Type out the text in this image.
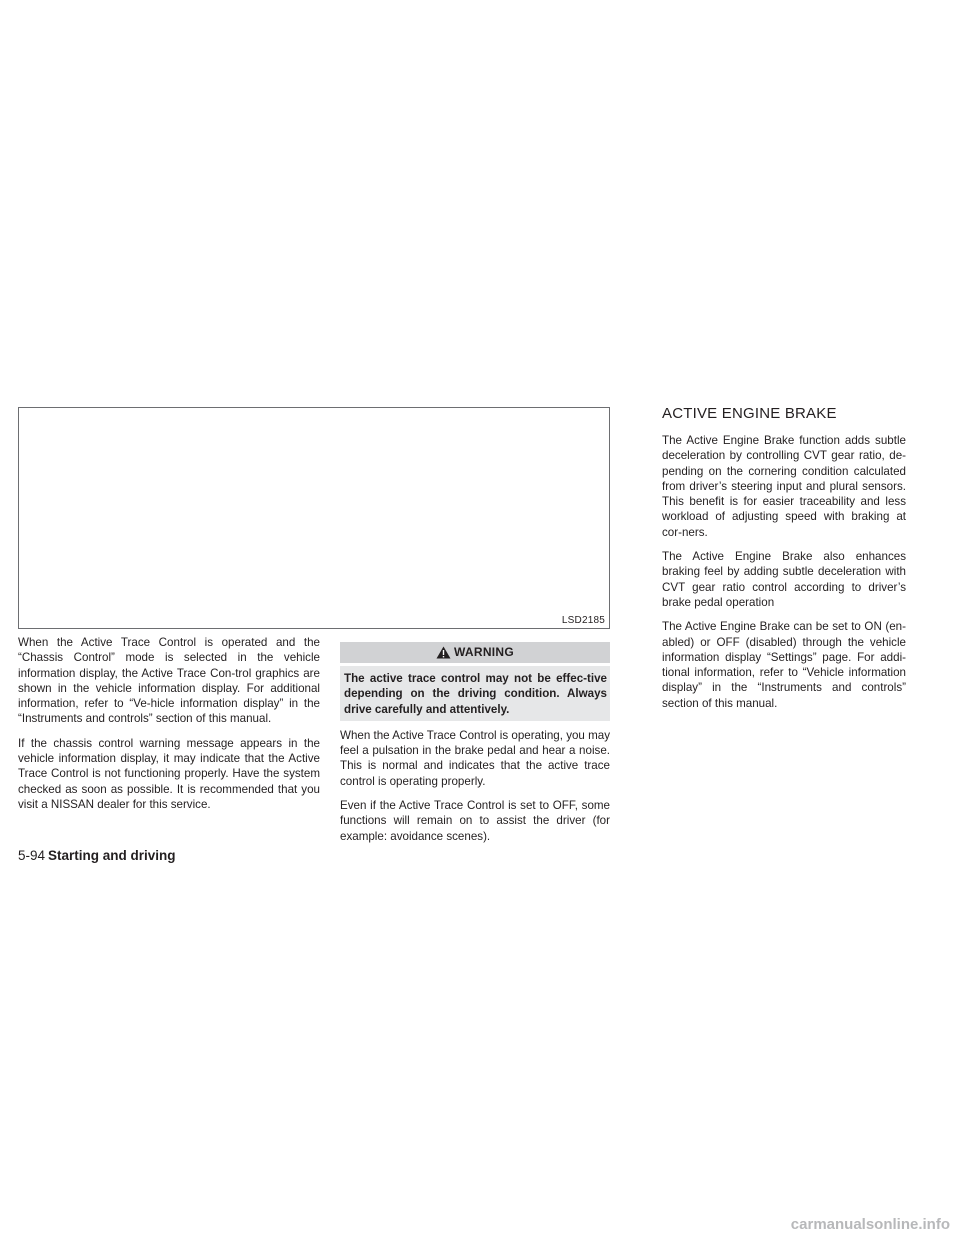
LSD2185

When the Active Trace Control is operated and the “Chassis Control” mode is selected in the vehicle information display, the Active Trace Con-trol graphics are shown in the vehicle information display. For additional information, refer to “Ve-hicle information display” in the “Instruments and controls” section of this manual.

If the chassis control warning message appears in the vehicle information display, it may indicate that the Active Trace Control is not functioning properly. Have the system checked as soon as possible. It is recommended that you visit a NISSAN dealer for this service.

WARNING
The active trace control may not be effec-tive depending on the driving condition. Always drive carefully and attentively.

When the Active Trace Control is operating, you may feel a pulsation in the brake pedal and hear a noise. This is normal and indicates that the active trace control is operating properly.

Even if the Active Trace Control is set to OFF, some functions will remain on to assist the driver (for example: avoidance scenes).

ACTIVE ENGINE BRAKE

The Active Engine Brake function adds subtle deceleration by controlling CVT gear ratio, de-pending on the cornering condition calculated from driver’s steering input and plural sensors. This benefit is for easier traceability and less workload of adjusting speed with braking at cor-ners.

The Active Engine Brake also enhances braking feel by adding subtle deceleration with CVT gear ratio control according to driver’s brake pedal operation

The Active Engine Brake can be set to ON (en-abled) or OFF (disabled) through the vehicle information display “Settings” page. For addi-tional information, refer to “Vehicle information display” in the “Instruments and controls” section of this manual.

5-94 Starting and driving
carmanualsonline.info
